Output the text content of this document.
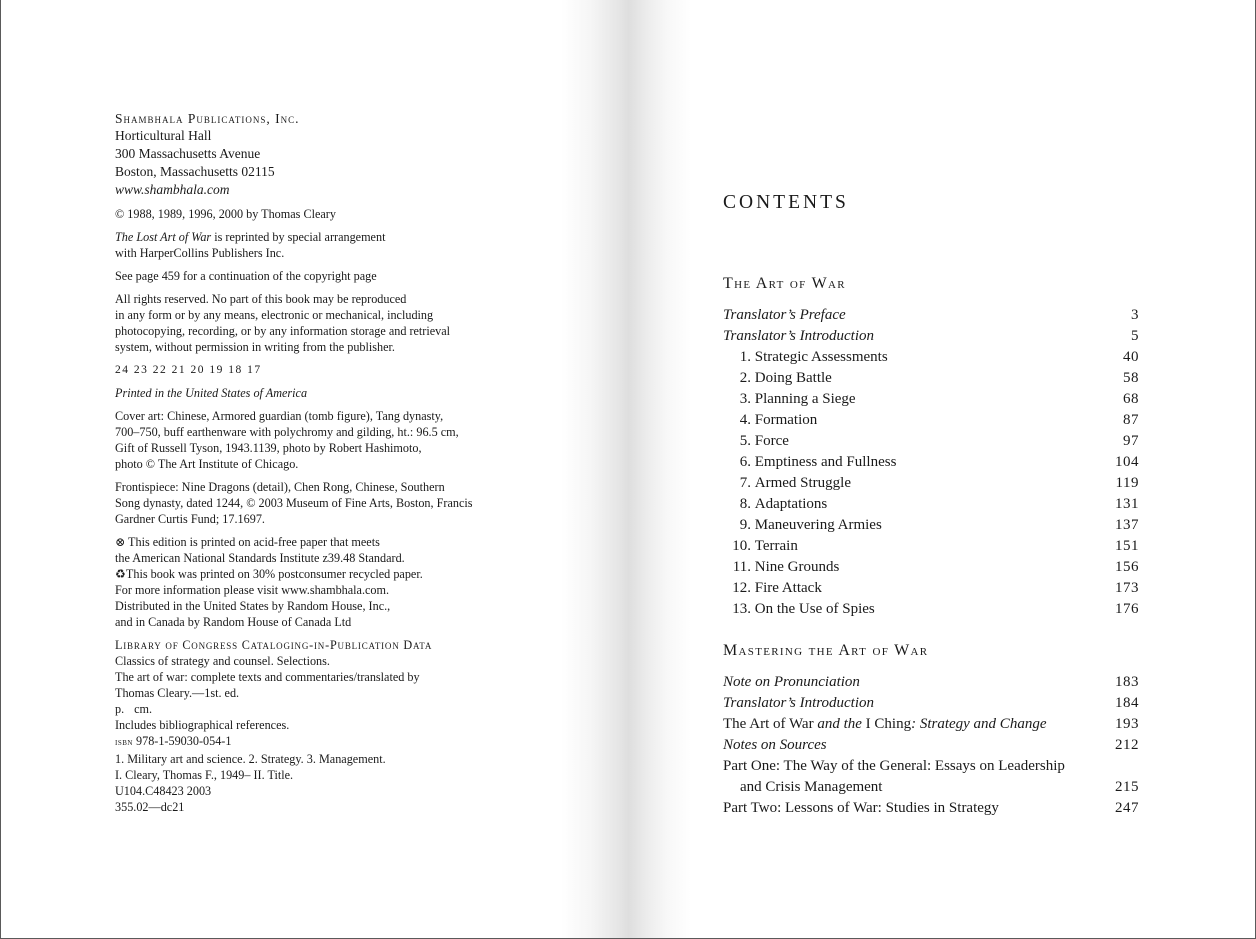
Shambhala Publications, Inc.
Horticultural Hall
300 Massachusetts Avenue
Boston, Massachusetts 02115
www.shambhala.com
© 1988, 1989, 1996, 2000 by Thomas Cleary
The Lost Art of War is reprinted by special arrangement
with HarperCollins Publishers Inc.
See page 459 for a continuation of the copyright page
All rights reserved. No part of this book may be reproduced
in any form or by any means, electronic or mechanical, including
photocopying, recording, or by any information storage and retrieval
system, without permission in writing from the publisher.
24 23 22 21 20 19 18 17
Printed in the United States of America
Cover art: Chinese, Armored guardian (tomb figure), Tang dynasty,
700–750, buff earthenware with polychromy and gilding, ht.: 96.5 cm,
Gift of Russell Tyson, 1943.1139, photo by Robert Hashimoto,
photo © The Art Institute of Chicago.
Frontispiece: Nine Dragons (detail), Chen Rong, Chinese, Southern
Song dynasty, dated 1244, © 2003 Museum of Fine Arts, Boston, Francis
Gardner Curtis Fund; 17.1697.
⊗ This edition is printed on acid-free paper that meets
the American National Standards Institute z39.48 Standard.
♻This book was printed on 30% postconsumer recycled paper.
For more information please visit www.shambhala.com.
Distributed in the United States by Random House, Inc.,
and in Canada by Random House of Canada Ltd
Library of Congress Cataloging-in-Publication Data
Classics of strategy and counsel. Selections.
The art of war: complete texts and commentaries/translated by
Thomas Cleary.—1st. ed.
p. cm.
Includes bibliographical references.
isbn 978-1-59030-054-1
1. Military art and science. 2. Strategy. 3. Management.
I. Cleary, Thomas F., 1949– II. Title.
U104.C48423 2003
355.02—dc21
CONTENTS
The Art of War
Translator’s Preface	3
Translator’s Introduction	5
1. Strategic Assessments	40
2. Doing Battle	58
3. Planning a Siege	68
4. Formation	87
5. Force	97
6. Emptiness and Fullness	104
7. Armed Struggle	119
8. Adaptations	131
9. Maneuvering Armies	137
10. Terrain	151
11. Nine Grounds	156
12. Fire Attack	173
13. On the Use of Spies	176
Mastering the Art of War
Note on Pronunciation	183
Translator’s Introduction	184
The Art of War and the I Ching: Strategy and Change	193
Notes on Sources	212
Part One: The Way of the General: Essays on Leadership
and Crisis Management	215
Part Two: Lessons of War: Studies in Strategy	247
